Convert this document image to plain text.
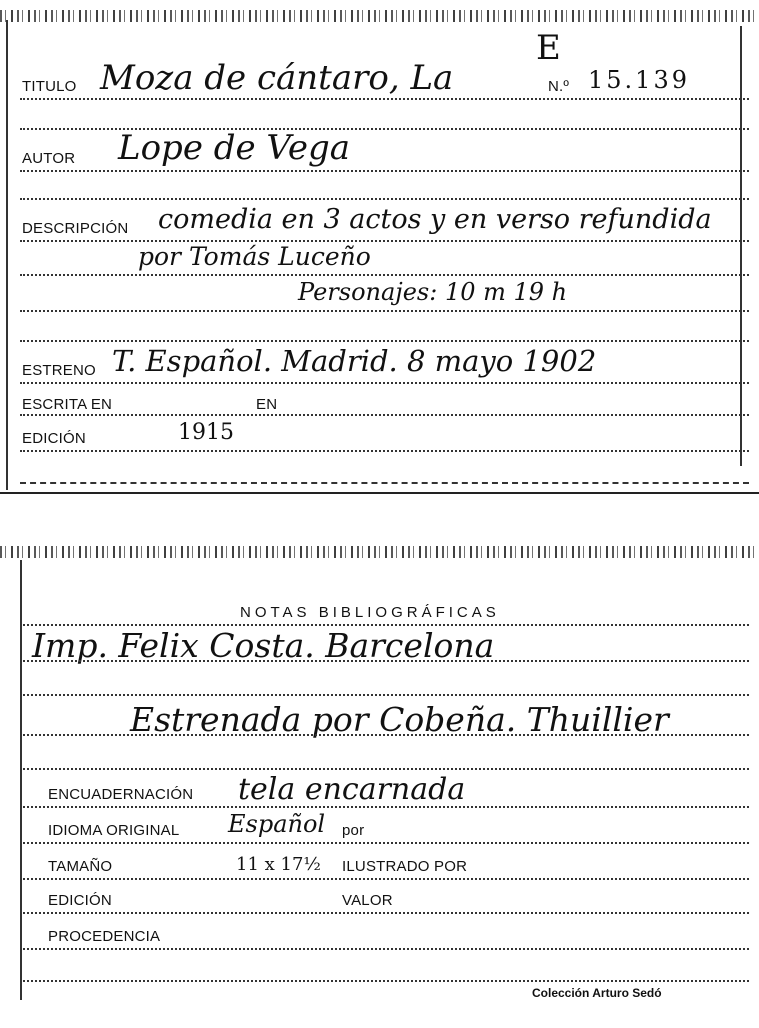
TITULO Moza de cántaro, La
E
N.º 15.139
AUTOR Lope de Vega
DESCRIPCIÓN comedia en 3 actos y en verso refundida
por Tomás Luceño
Personajes: 10 m 19 h
ESTRENO T. Español. Madrid. 8 mayo 1902
ESCRITA EN	EN
EDICIÓN	1915
NOTAS BIBLIOGRÁFICAS
Imp. Felix Costa. Barcelona
Estrenada por Cobeña. Thuillier
ENCUADERNACIÓN tela encarnada
IDIOMA ORIGINAL Español por
TAMAÑO	11 x 17½ ILUSTRADO POR
EDICIÓN	VALOR
PROCEDENCIA
Colección Arturo Sedó
